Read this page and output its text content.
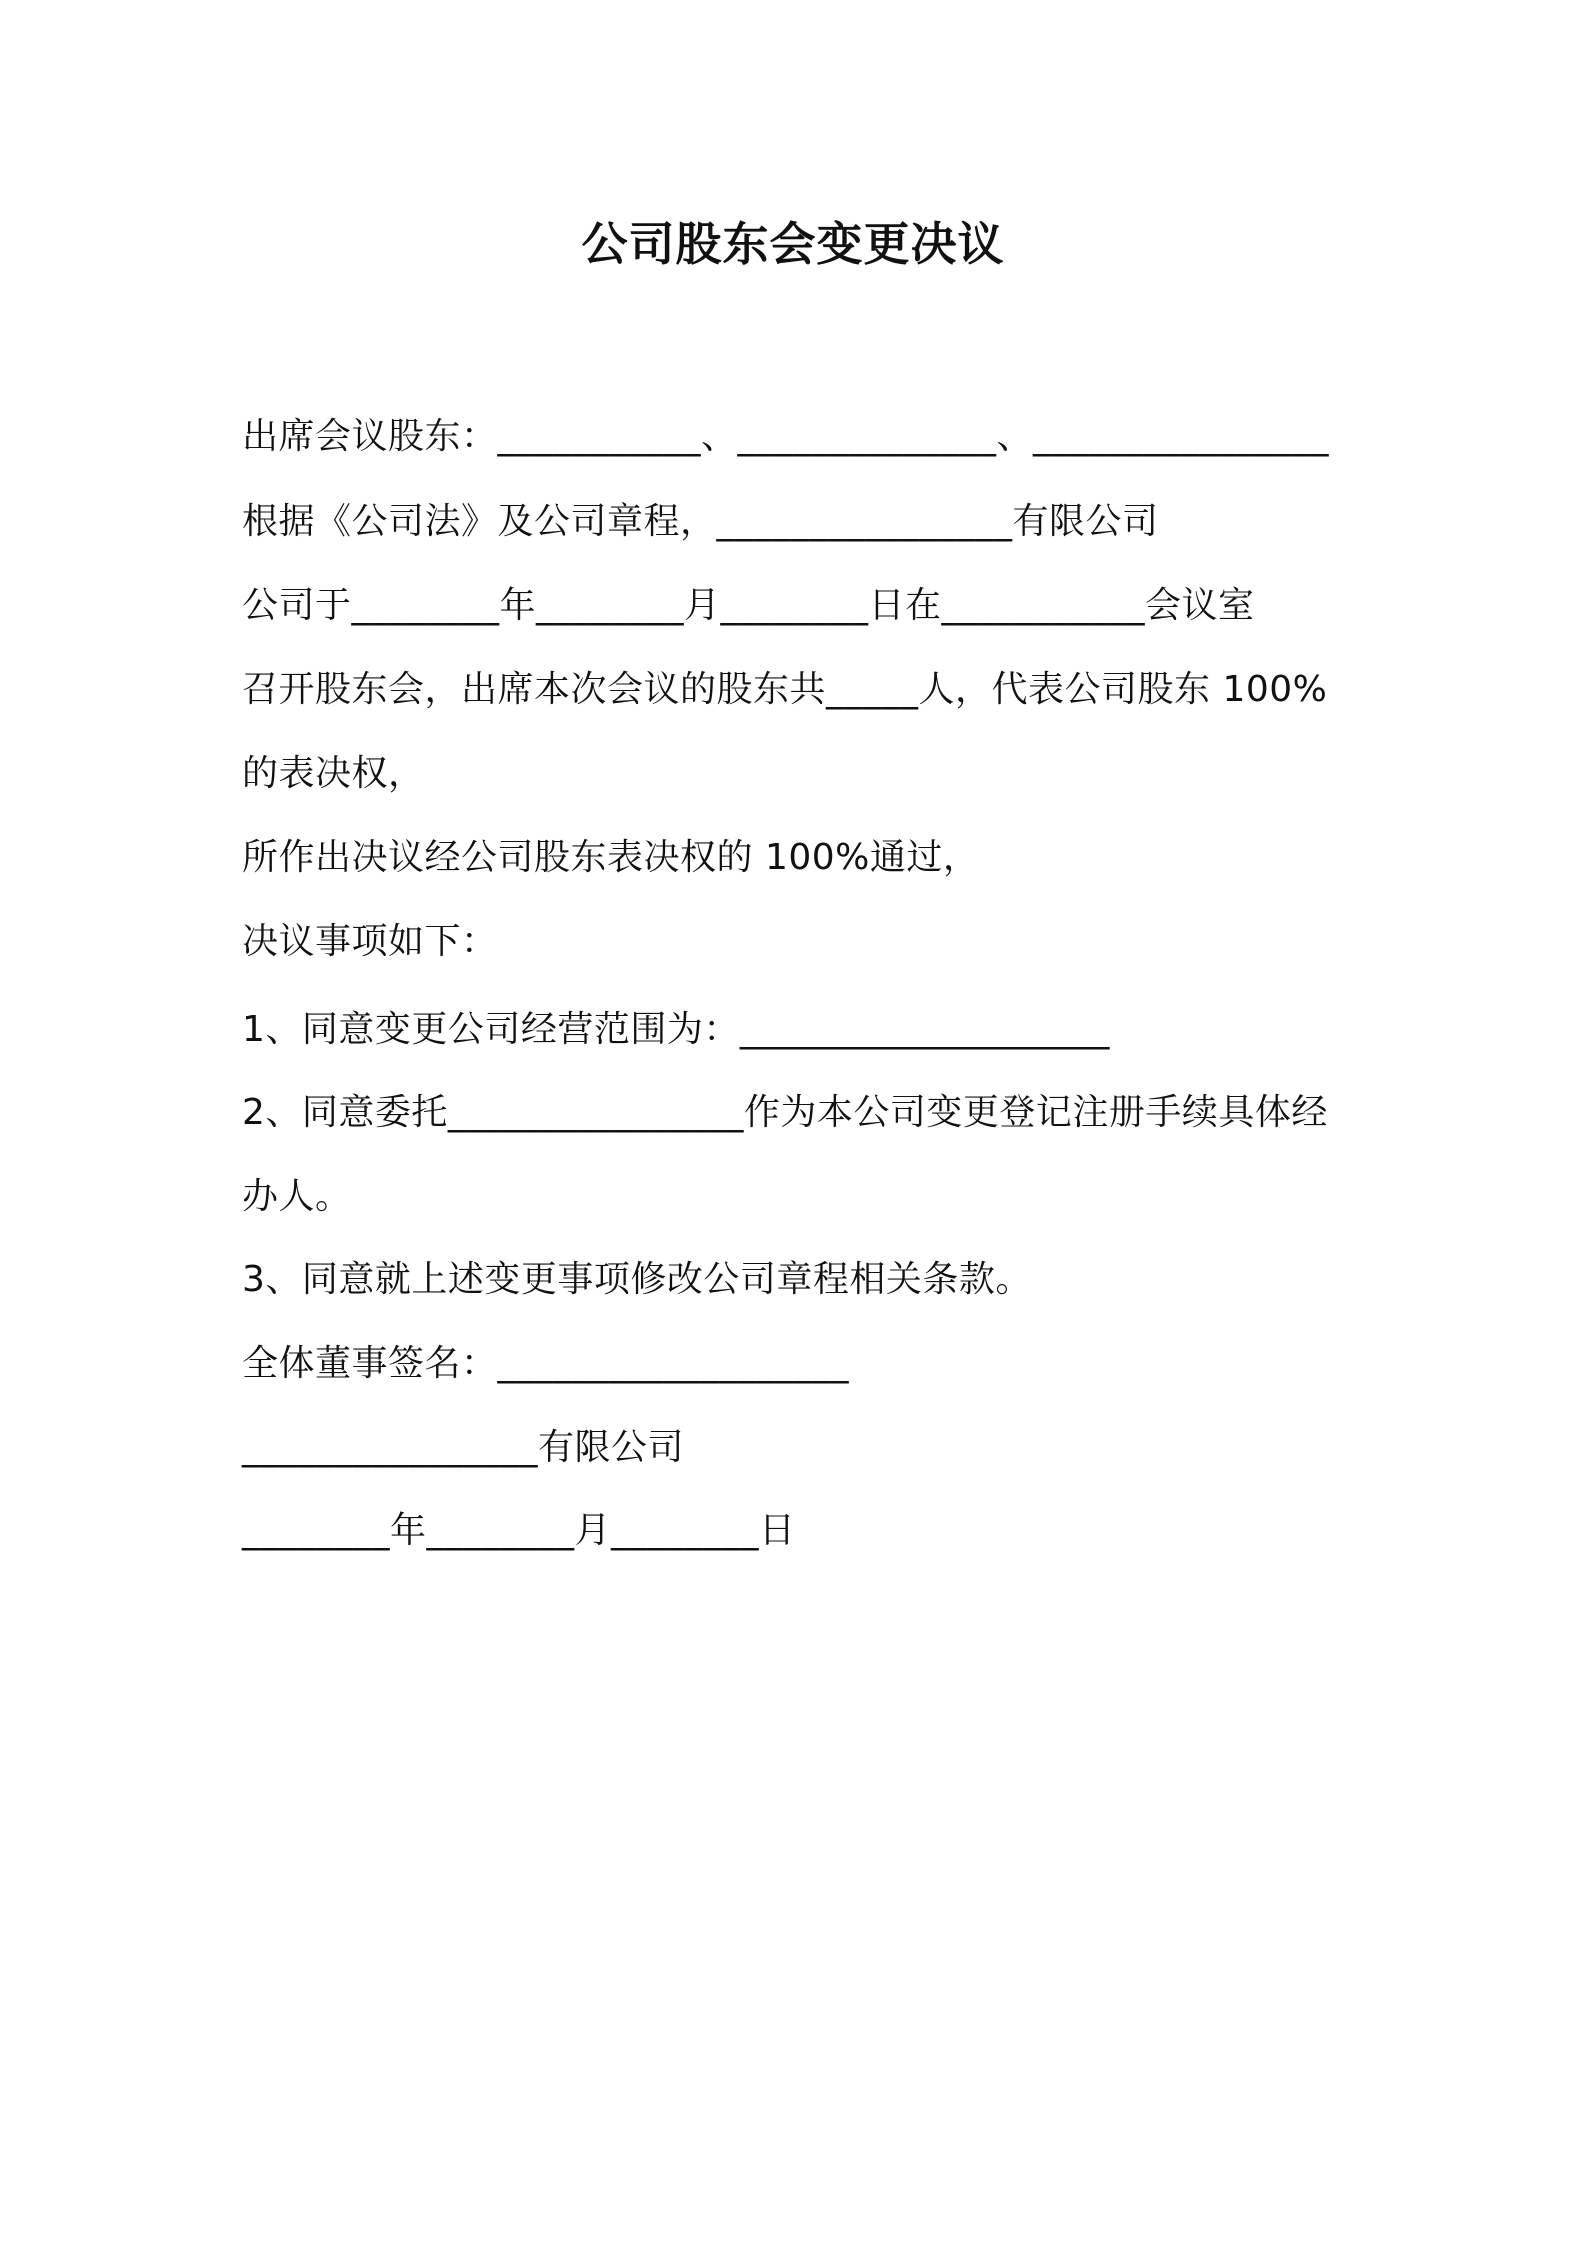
公司股东会变更决议
出席会议股东：___________、______________、________________
根据《公司法》及公司章程，________________有限公司
公司于________年________月________日在___________会议室
召开股东会，出席本次会议的股东共_____人，代表公司股东 100%
的表决权，
所作出决议经公司股东表决权的 100%通过，
决议事项如下：
1、同意变更公司经营范围为：____________________
2、同意委托________________作为本公司变更登记注册手续具体经
办人。
3、同意就上述变更事项修改公司章程相关条款。
全体董事签名：___________________
________________有限公司
________年________月________日
